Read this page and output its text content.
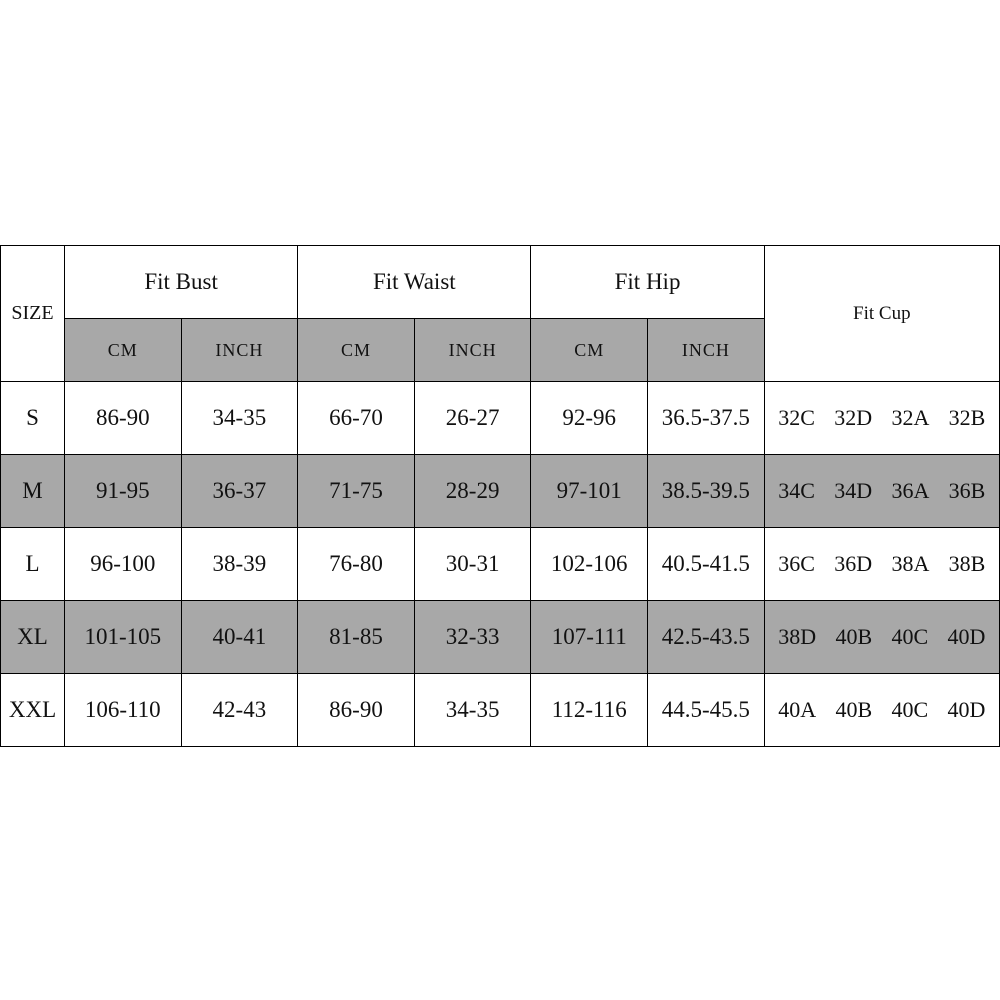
SIZE	Fit Bust		Fit Waist		Fit Hip		Fit Cup
	CM	INCH	CM	INCH	CM	INCH	
S	86-90	34-35	66-70	26-27	92-96	36.5-37.5	32C 32D 32A 32B

M	91-95	36-37	71-75	28-29	97-101	38.5-39.5	34C 34D 36A 36B

L	96-100	38-39	76-80	30-31	102-106	40.5-41.5	36C 36D 38A 38B

XL	101-105	40-41	81-85	32-33	107-111	42.5-43.5	38D 40B 40C 40D

XXL	106-110	42-43	86-90	34-35	112-116	44.5-45.5	40A 40B 40C 40D
